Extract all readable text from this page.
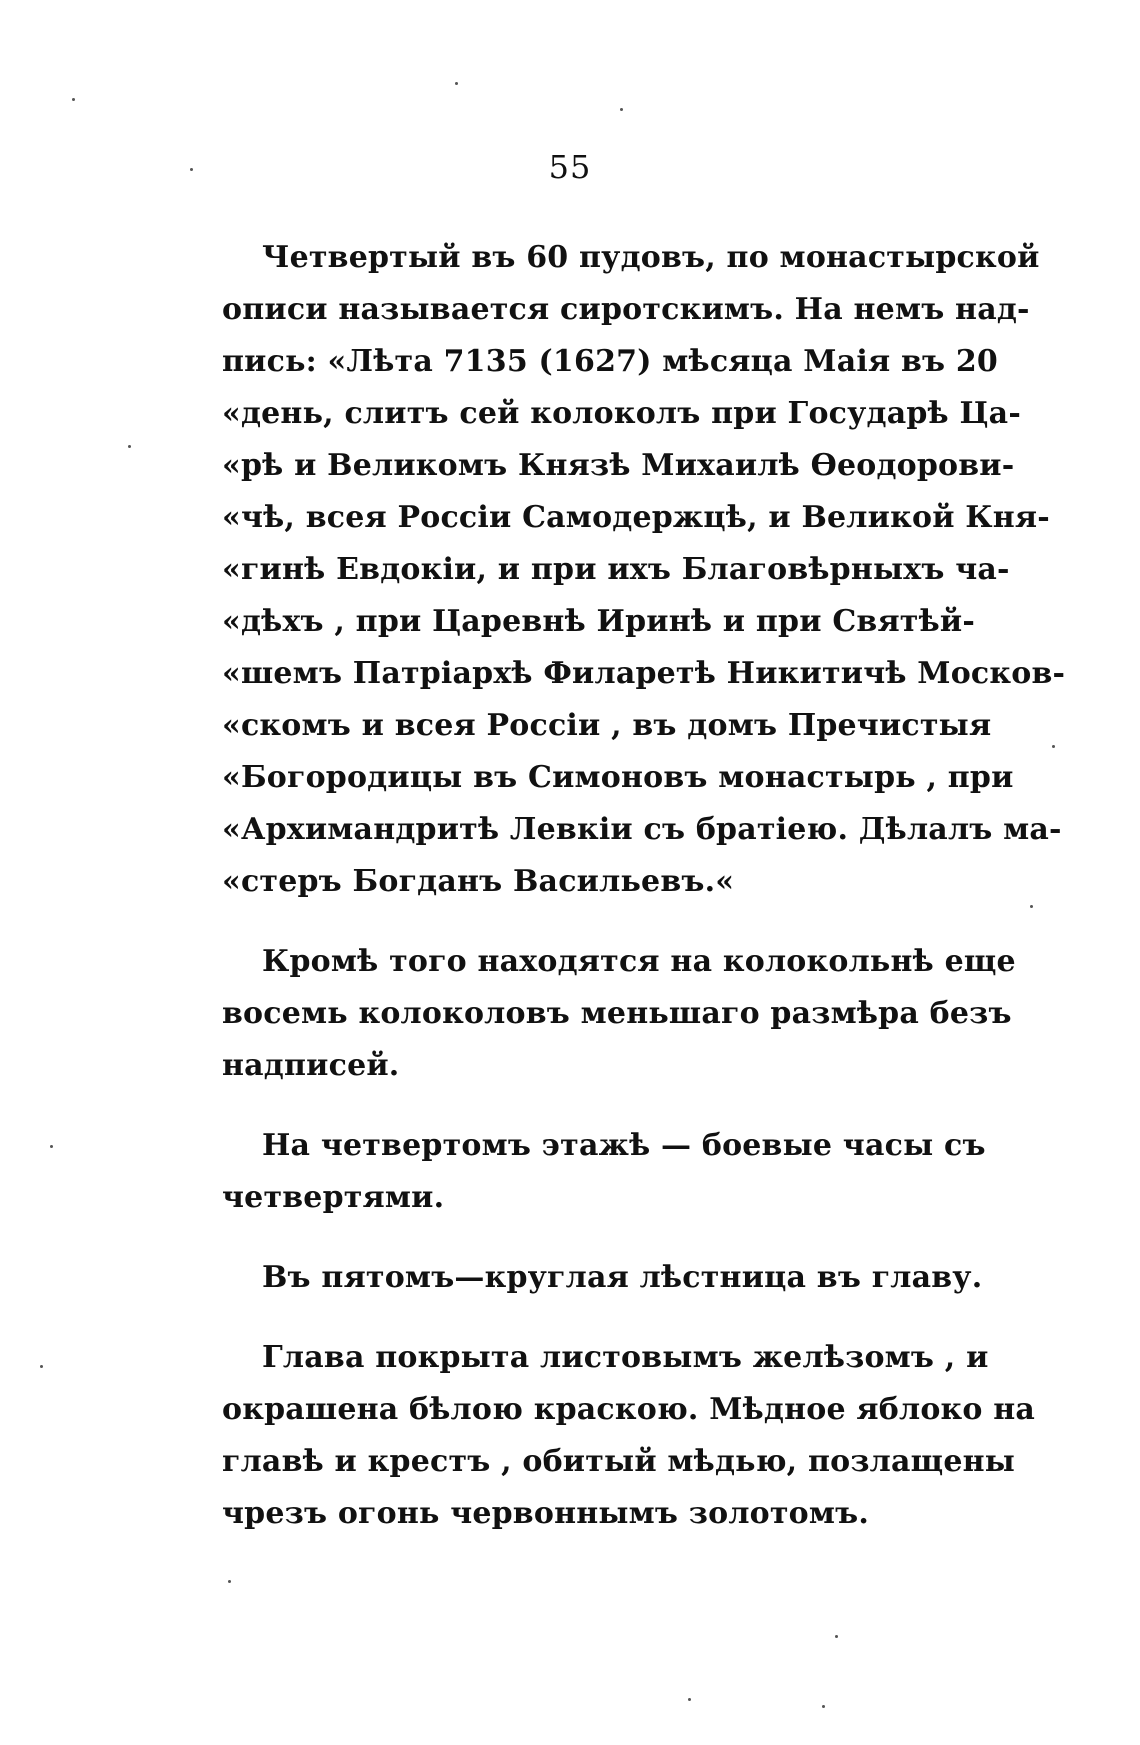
55
Четвертый въ 60 пудовъ, по монастырской
описи называется сиротскимъ. На немъ над-
пись: «Лѣта 7135 (1627) мѣсяца Маія въ 20
«день, слитъ сей колоколъ при Государѣ Ца-
«рѣ и Великомъ Князѣ Михаилѣ Ѳеодорови-
«чѣ, всея Россіи Самодержцѣ, и Великой Кня-
«гинѣ Евдокіи, и при ихъ Благовѣрныхъ ча-
«дѣхъ , при Царевнѣ Иринѣ и при Святѣй-
«шемъ Патріархѣ Филаретѣ Никитичѣ Москов-
«скомъ и всея Россіи , въ домъ Пречистыя
«Богородицы въ Симоновъ монастырь , при
«Архимандритѣ Левкіи съ братіею. Дѣлалъ ма-
«стеръ Богданъ Васильевъ.«
Кромѣ того находятся на колокольнѣ еще
восемь колоколовъ меньшаго размѣра безъ
надписей.
На четвертомъ этажѣ — боевые часы съ
четвертями.
Въ пятомъ—круглая лѣстница въ главу.
Глава покрыта листовымъ желѣзомъ , и
окрашена бѣлою краскою. Мѣдное яблоко на
главѣ и крестъ , обитый мѣдью, позлащены
чрезъ огонь червоннымъ золотомъ.
